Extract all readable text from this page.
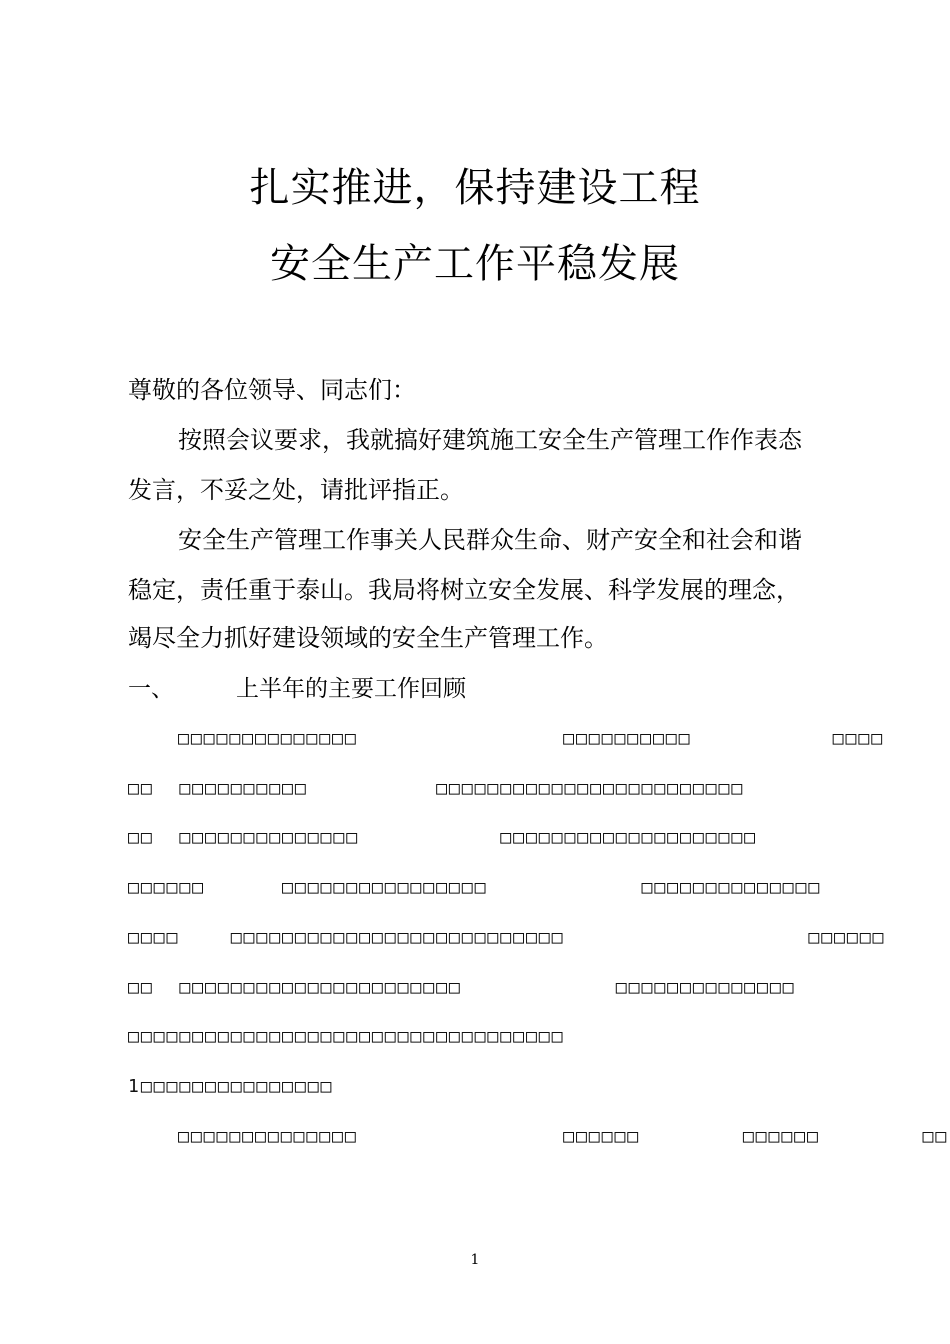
扎实推进，保持建设工程
安全生产工作平稳发展
尊敬的各位领导、同志们：
按照会议要求，我就搞好建筑施工安全生产管理工作作表态
发言，不妥之处，请批评指正。
安全生产管理工作事关人民群众生命、财产安全和社会和谐
稳定，责任重于泰山。我局将树立安全发展、科学发展的理念，
竭尽全力抓好建设领域的安全生产管理工作。
一、	上半年的主要工作回顾
□□□□□□□□□□□□□□                □□□□□□□□□□           □□□□
□□  □□□□□□□□□□          □□□□□□□□□□□□□□□□□□□□□□□□
□□  □□□□□□□□□□□□□□           □□□□□□□□□□□□□□□□□□□□
□□□□□□      □□□□□□□□□□□□□□□□            □□□□□□□□□□□□□□
□□□□    □□□□□□□□□□□□□□□□□□□□□□□□□□                   □□□□□□
□□  □□□□□□□□□□□□□□□□□□□□□□            □□□□□□□□□□□□□□
□□□□□□□□□□□□□□□□□□□□□□□□□□□□□□□□□□
1□□□□□□□□□□□□□□□
□□□□□□□□□□□□□□                □□□□□□        □□□□□□        □□
1
